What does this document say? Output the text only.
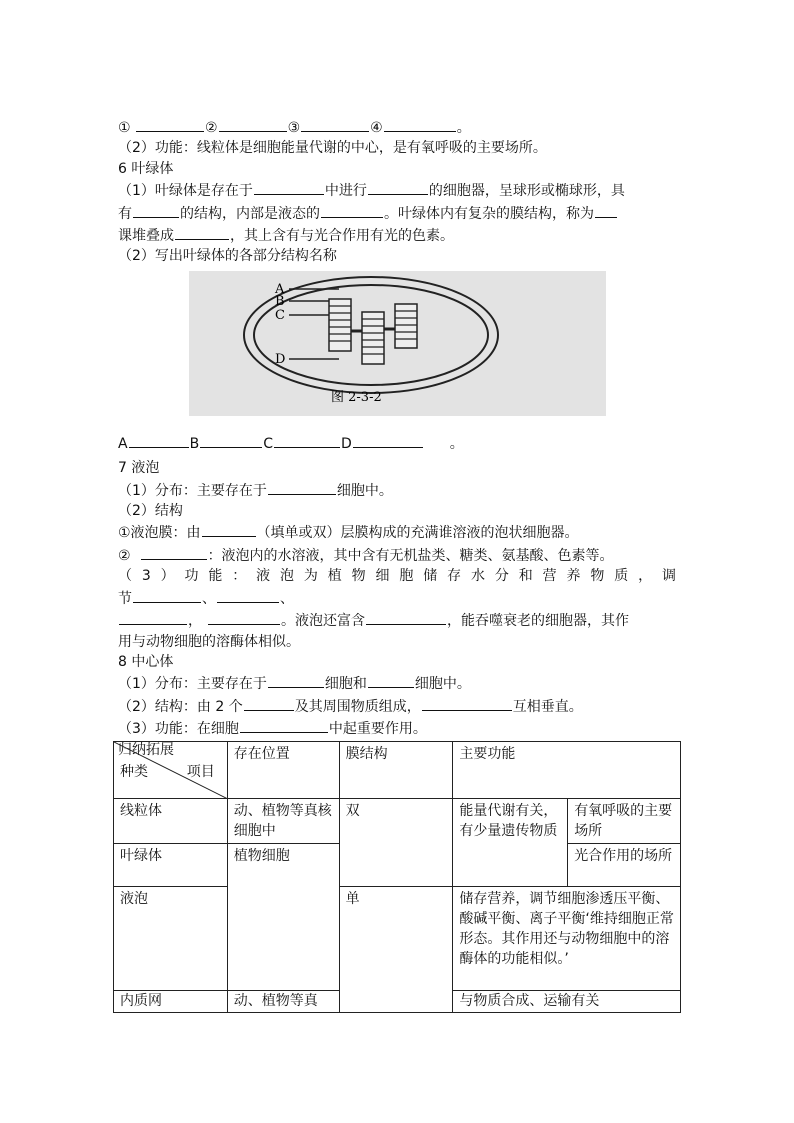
①	②	③	④	。
（2）功能：线粒体是细胞能量代谢的中心，是有氧呼吸的主要场所。
6 叶绿体
（1）叶绿体是存在于	中进行	的细胞器，呈球形或椭球形，具
有	的结构，内部是液态的	。叶绿体内有复杂的膜结构，称为
课堆叠成	，其上含有与光合作用有光的色素。
（2）写出叶绿体的各部分结构名称
A
B
C
D
图 2-3-2
A	B	C	D	。
7 液泡
（1）分布：主要存在于	细胞中。
（2）结构
①液泡膜：由	（填单或双）层膜构成的充满谁溶液的泡状细胞器。
②	：液泡内的水溶液，其中含有无机盐类、糖类、氨基酸、色素等。
（3）功能：液泡为植物细胞储存水分和营养物质，调
节	、	、
，	。液泡还富含	，能吞噬衰老的细胞器，其作
用与动物细胞的溶酶体相似。
8 中心体
（1）分布：主要存在于	细胞和	细胞中。
（2）结构：由 2 个	及其周围物质组成，	互相垂直。
（3）功能：在细胞	中起重要作用。
归纳拓展
种类 项目	存在位置	膜结构	主要功能	
线粒体	动、植物等真核细胞中	双	能量代谢有关，有少量遗传物质	有氧呼吸的主要场所
叶绿体	植物细胞			光合作用的场所
液泡		单	储存营养，调节细胞渗透压平衡、酸碱平衡、离子平衡‘维持细胞正常形态。其作用还与动物细胞中的溶酶体的功能相似。’	
内质网	动、植物等真		与物质合成、运输有关	
